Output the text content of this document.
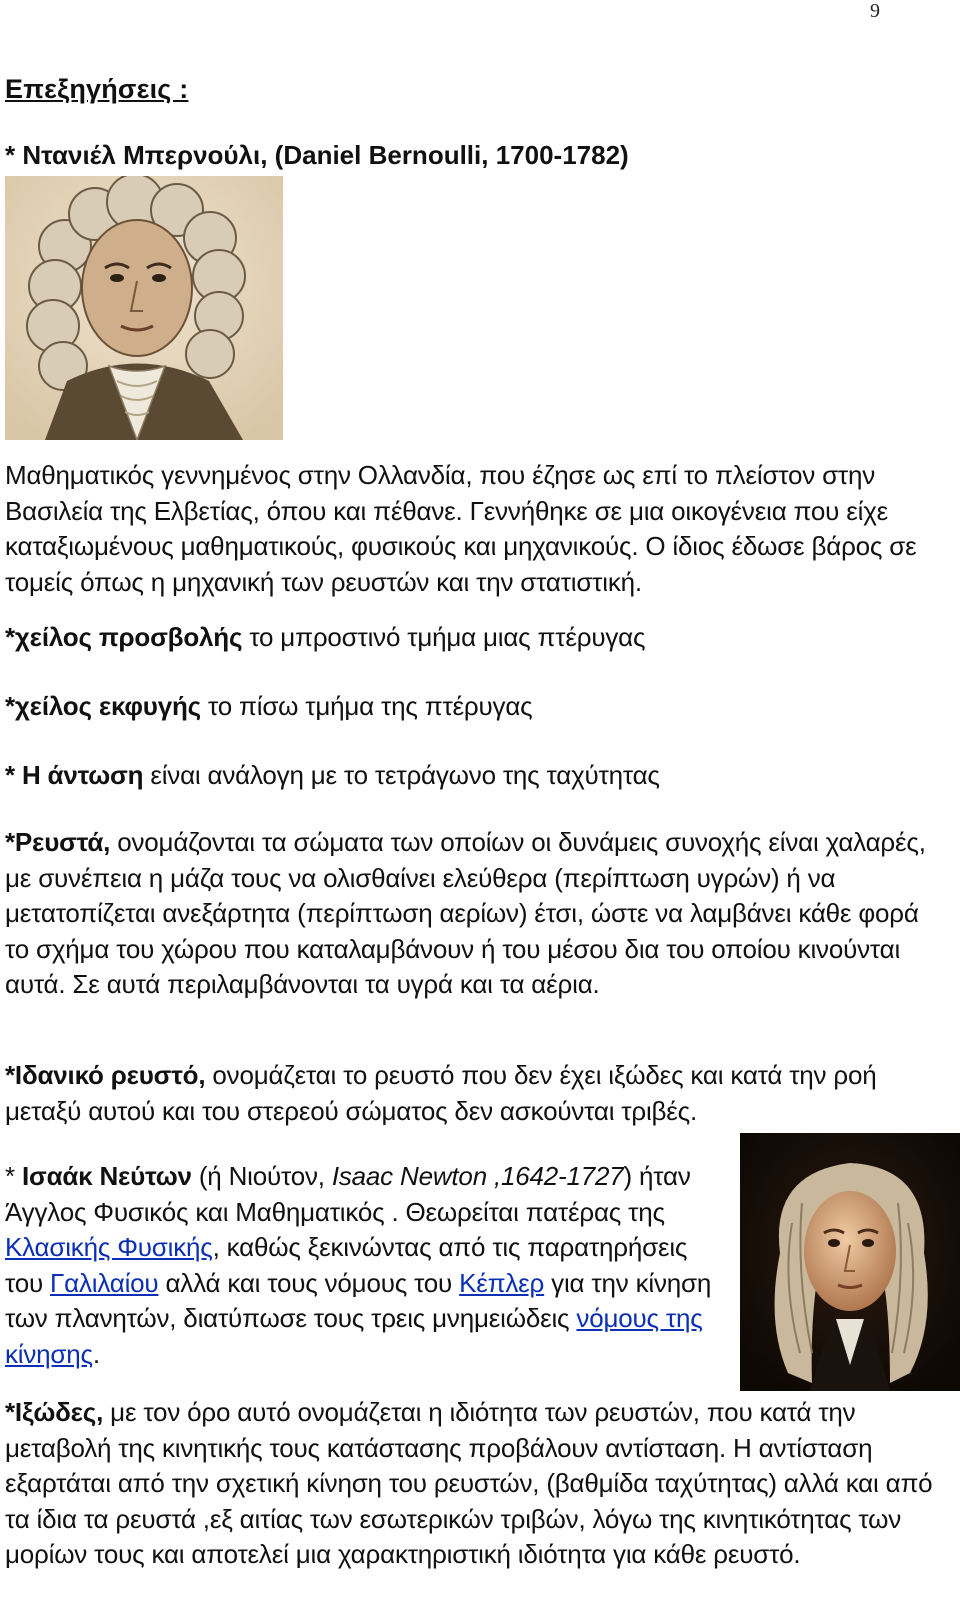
9
Επεξηγήσεις :
* Ντανιέλ Μπερνούλι, (Daniel Bernoulli, 1700-1782)

Μαθηματικός γεννημένος στην Ολλανδία, που έζησε ως επί το πλείστον στην Βασιλεία της Ελβετίας, όπου και πέθανε. Γεννήθηκε σε μια οικογένεια που είχε καταξιωμένους μαθηματικούς, φυσικούς και μηχανικούς. Ο ίδιος έδωσε βάρος σε τομείς όπως η μηχανική των ρευστών και την στατιστική.

*χείλος προσβολής το μπροστινό τμήμα μιας πτέρυγας

*χείλος εκφυγής το πίσω τμήμα της πτέρυγας

* Η άντωση είναι ανάλογη με το τετράγωνο της ταχύτητας

*Ρευστά, ονομάζονται τα σώματα των οποίων οι δυνάμεις συνοχής είναι χαλαρές, με συνέπεια η μάζα τους να ολισθαίνει ελεύθερα (περίπτωση υγρών) ή να μετατοπίζεται ανεξάρτητα (περίπτωση αερίων) έτσι, ώστε να λαμβάνει κάθε φορά το σχήμα του χώρου που καταλαμβάνουν ή του μέσου δια του οποίου κινούνται αυτά. Σε αυτά περιλαμβάνονται τα υγρά και τα αέρια.

*Ιδανικό ρευστό, ονομάζεται το ρευστό που δεν έχει ιξώδες και κατά την ροή μεταξύ αυτού και του στερεού σώματος δεν ασκούνται τριβές.

* Ισαάκ Νεύτων (ή Νιούτον, Isaac Newton ,1642-1727) ήταν Άγγλος Φυσικός και Μαθηματικός . Θεωρείται πατέρας της Κλασικής Φυσικής, καθώς ξεκινώντας από τις παρατηρήσεις του Γαλιλαίου αλλά και τους νόμους του Κέπλερ για την κίνηση των πλανητών, διατύπωσε τους τρεις μνημειώδεις νόμους της κίνησης.

*Ιξώδες, με τον όρο αυτό ονομάζεται η ιδιότητα των ρευστών, που κατά την μεταβολή της κινητικής τους κατάστασης προβάλουν αντίσταση. Η αντίσταση εξαρτάται από την σχετική κίνηση του ρευστών, (βαθμίδα ταχύτητας) αλλά και από τα ίδια τα ρευστά ,εξ αιτίας των εσωτερικών τριβών, λόγω της κινητικότητας των μορίων τους και αποτελεί μια χαρακτηριστική ιδιότητα για κάθε ρευστό.
